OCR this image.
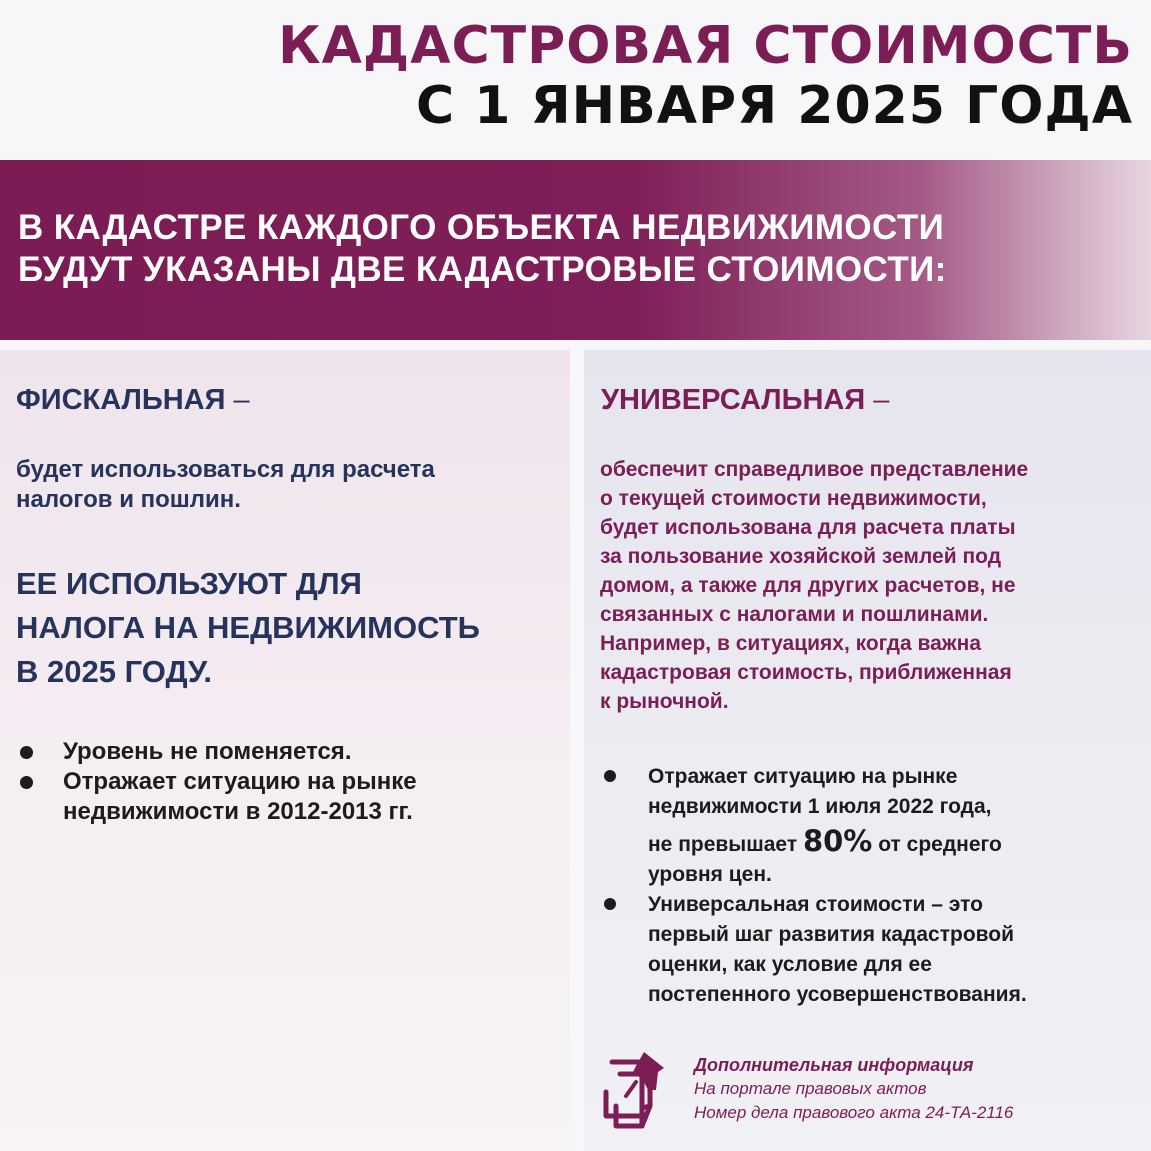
КАДАСТРОВАЯ СТОИМОСТЬ
С 1 ЯНВАРЯ 2025 ГОДА
В КАДАСТРЕ КАЖДОГО ОБЪЕКТА НЕДВИЖИМОСТИ
БУДУТ УКАЗАНЫ ДВЕ КАДАСТРОВЫЕ СТОИМОСТИ:
ФИСКАЛЬНАЯ –
будет использоваться для расчета
налогов и пошлин.
ЕЕ ИСПОЛЬЗУЮТ ДЛЯ
НАЛОГА НА НЕДВИЖИМОСТЬ
В 2025 ГОДУ.
Уровень не поменяется.
Отражает ситуацию на рынке
недвижимости в 2012-2013 гг.
УНИВЕРСАЛЬНАЯ –
обеспечит справедливое представление
о текущей стоимости недвижимости,
будет использована для расчета платы
за пользование хозяйской землей под
домом, а также для других расчетов, не
связанных с налогами и пошлинами.
Например, в ситуациях, когда важна
кадастровая стоимость, приближенная
к рыночной.
Отражает ситуацию на рынке
недвижимости 1 июля 2022 года,
не превышает 80% от среднего
уровня цен.
Универсальная стоимости – это
первый шаг развития кадастровой
оценки, как условие для ее
постепенного усовершенствования.
Дополнительная информация
На портале правовых актов
Номер дела правового акта 24-ТА-2116
